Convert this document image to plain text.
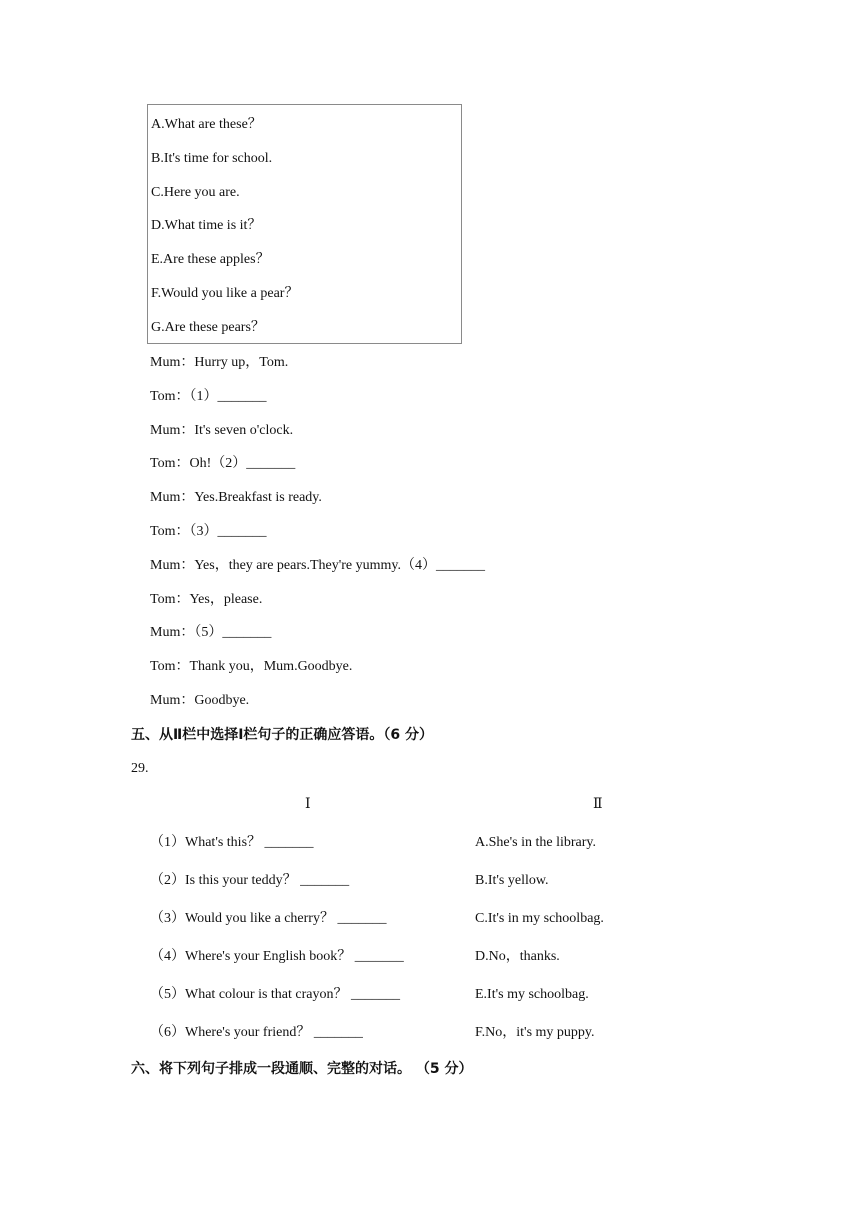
A.What are these？
B.It's time for school.
C.Here you are.
D.What time is it？
E.Are these apples？
F.Would you like a pear？
G.Are these pears？
Mum：Hurry up，Tom.
Tom：（1）_______
Mum：It's seven o'clock.
Tom：Oh!（2）_______
Mum：Yes.Breakfast is ready.
Tom：（3）_______
Mum：Yes，they are pears.They're yummy.（4）_______
Tom：Yes，please.
Mum：（5）_______
Tom：Thank you，Mum.Goodbye.
Mum：Goodbye.
五、从Ⅱ栏中选择Ⅰ栏句子的正确应答语。（6 分）
29.
Ⅰ	Ⅱ
（1）What's this？ _______
（2）Is this your teddy？ _______
（3）Would you like a cherry？ _______
（4）Where's your English book？ _______
（5）What colour is that crayon？ _______
（6）Where's your friend？ _______
A.She's in the library.
B.It's yellow.
C.It's in my schoolbag.
D.No，thanks.
E.It's my schoolbag.
F.No，it's my puppy.
六、将下列句子排成一段通顺、完整的对话。 （5 分）
